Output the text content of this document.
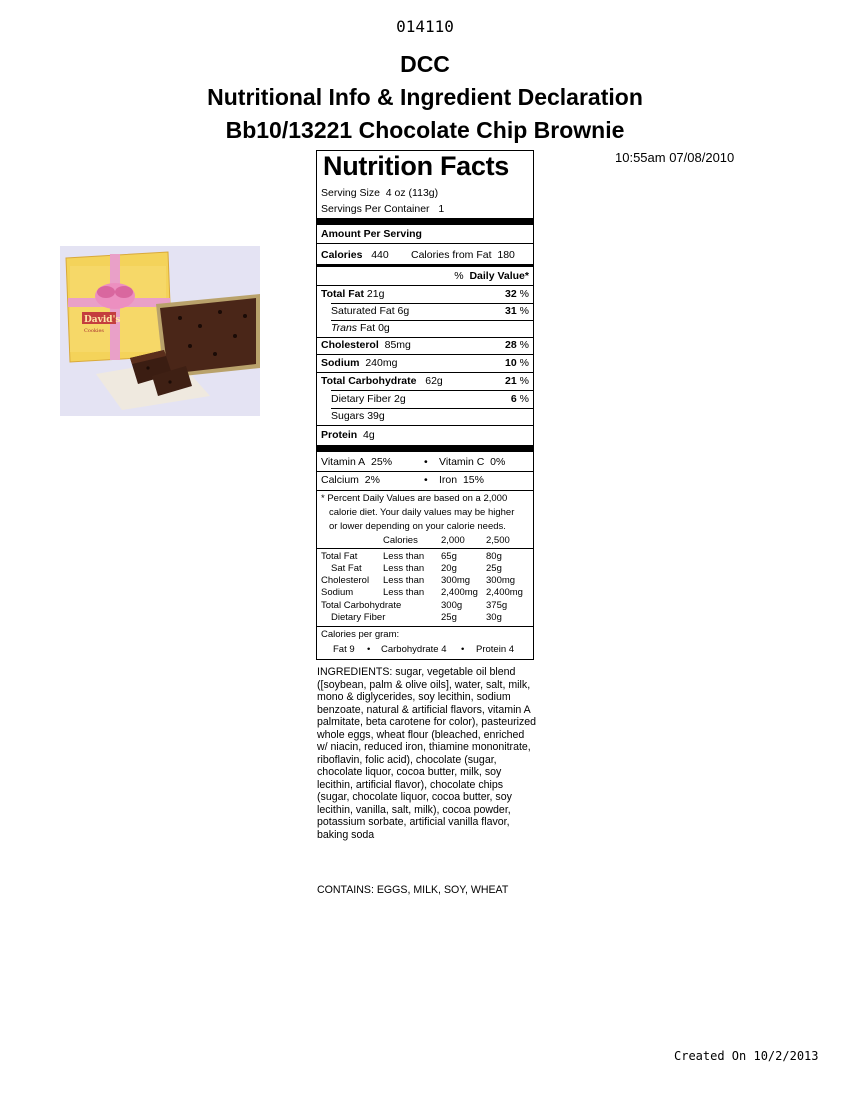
014110
DCC
Nutritional Info & Ingredient Declaration
Bb10/13221 Chocolate Chip Brownie
10:55am 07/08/2010
David's
Cookies
Nutrition Facts
Serving Size 4 oz (113g)
Servings Per Container 1
Amount Per Serving
Calories 440 Calories from Fat 180
% Daily Value*
Total Fat 21g	32 %
Saturated Fat 6g	31 %
Trans Fat 0g
Cholesterol 85mg	28 %
Sodium 240mg	10 %
Total Carbohydrate 62g	21 %
Dietary Fiber 2g	6 %
Sugars 39g
Protein 4g
Vitamin A 25%	• Vitamin C 0%
Calcium 2%	• Iron 15%
* Percent Daily Values are based on a 2,000
calorie diet. Your daily values may be higher
or lower depending on your calorie needs.
Calories 2,000 2,500
Total Fat	Less than 65g	80g
Sat Fat Less than 20g	25g
Cholesterol Less than 300mg 300mg
Sodium	Less than 2,400mg 2,400mg
Total Carbohydrate	300g	375g
Dietary Fiber	25g	30g
Calories per gram:
Fat 9 • Carbohydrate 4 • Protein 4
INGREDIENTS: sugar, vegetable oil blend ([soybean, palm & olive oils], water, salt, milk, mono & diglycerides, soy lecithin, sodium benzoate, natural & artificial flavors, vitamin A palmitate, beta carotene for color), pasteurized whole eggs, wheat flour (bleached, enriched w/ niacin, reduced iron, thiamine mononitrate, riboflavin, folic acid), chocolate (sugar, chocolate liquor, cocoa butter, milk, soy lecithin, artificial flavor), chocolate chips (sugar, chocolate liquor, cocoa butter, soy lecithin, vanilla, salt, milk), cocoa powder, potassium sorbate, artificial vanilla flavor, baking soda
CONTAINS: EGGS, MILK, SOY, WHEAT
Created On 10/2/2013
